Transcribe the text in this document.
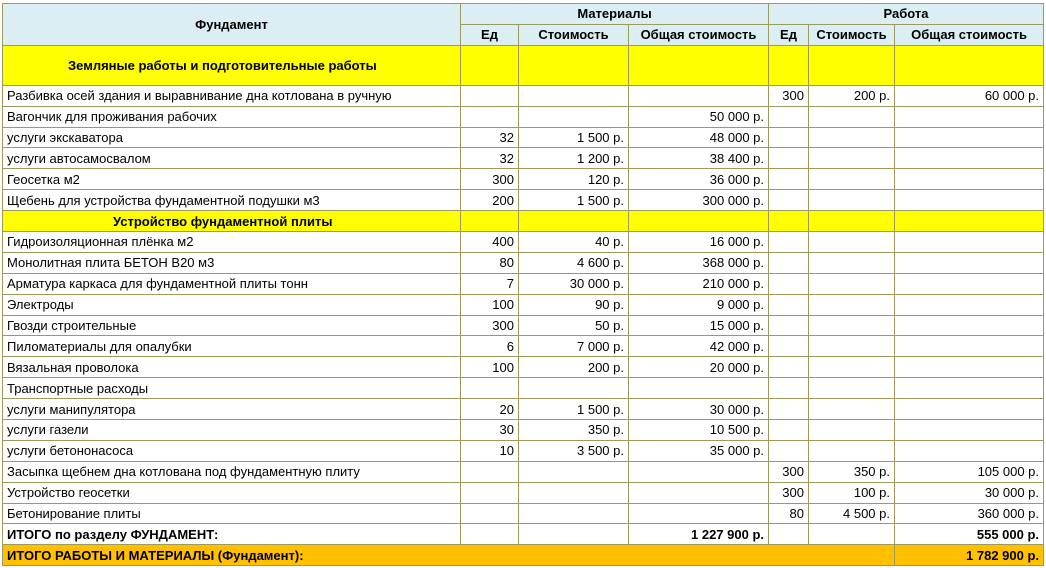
Фундамент	Материалы			Работа		
	Ед	Стоимость	Общая стоимость	Ед	Стоимость	Общая стоимость
Земляные работы и подготовительные работы						
Разбивка осей здания и выравнивание дна котлована в ручную				300	200 р.	60 000 р.
Вагончик для проживания рабочих			50 000 р.			
услуги экскаватора	32	1 500 р.	48 000 р.			
услуги автосамосвалом	32	1 200 р.	38 400 р.			
Геосетка м2	300	120 р.	36 000 р.			
Щебень для устройства фундаментной подушки м3	200	1 500 р.	300 000 р.			
Устройство фундаментной плиты						
Гидроизоляционная плёнка м2	400	40 р.	16 000 р.			
Монолитная плита БЕТОН В20 м3	80	4 600 р.	368 000 р.			
Арматура каркаса для фундаментной плиты тонн	7	30 000 р.	210 000 р.			
Электроды	100	90 р.	9 000 р.			
Гвозди строительные	300	50 р.	15 000 р.			
Пиломатериалы для опалубки	6	7 000 р.	42 000 р.			
Вязальная проволока	100	200 р.	20 000 р.			
Транспортные расходы						
услуги манипулятора	20	1 500 р.	30 000 р.			
услуги газели	30	350 р.	10 500 р.			
услуги бетононасоса	10	3 500 р.	35 000 р.			
Засыпка щебнем дна котлована под фундаментную плиту				300	350 р.	105 000 р.
Устройство геосетки				300	100 р.	30 000 р.
Бетонирование плиты				80	4 500 р.	360 000 р.
ИТОГО по разделу ФУНДАМЕНТ:			1 227 900 р.			555 000 р.
ИТОГО РАБОТЫ И МАТЕРИАЛЫ (Фундамент):						1 782 900 р.
